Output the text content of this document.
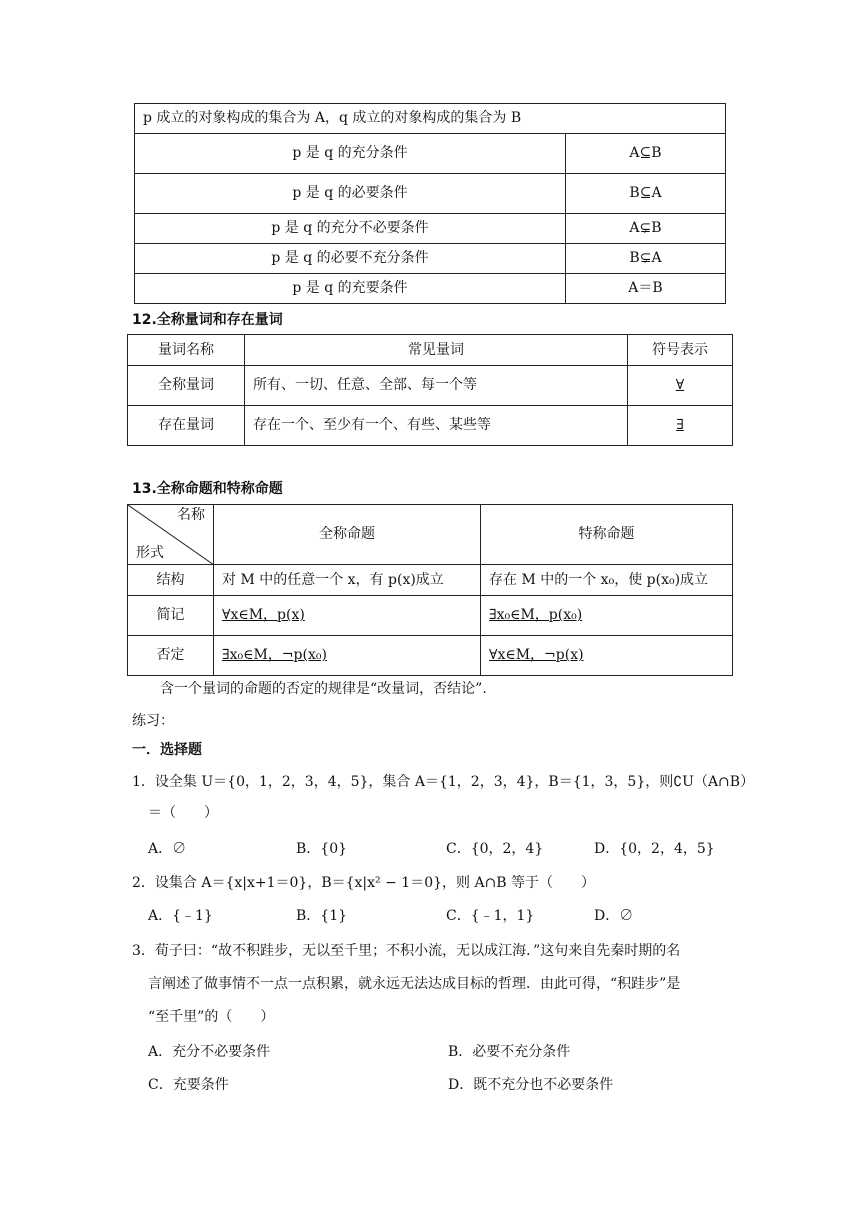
p 成立的对象构成的集合为 A，q 成立的对象构成的集合为 B	
p 是 q 的充分条件	A⊆B
p 是 q 的必要条件	B⊆A
p 是 q 的充分不必要条件	A⊊B
p 是 q 的必要不充分条件	B⊊A
p 是 q 的充要条件	A＝B
12.全称量词和存在量词
量词名称	常见量词	符号表示
全称量词	所有、一切、任意、全部、每一个等	∀
存在量词	存在一个、至少有一个、有些、某些等	∃
13.全称命题和特称命题
名称
形式	全称命题	特称命题
结构	对 M 中的任意一个 x，有 p(x)成立	存在 M 中的一个 x₀，使 p(x₀)成立
简记	∀x∈M，p(x)	∃x₀∈M，p(x₀)
否定	∃x₀∈M，¬p(x₀)	∀x∈M，¬p(x)
含一个量词的命题的否定的规律是“改量词，否结论”.
练习：
一．选择题
1．设全集 U＝{0，1，2，3，4，5}，集合 A＝{1，2，3，4}，B＝{1，3，5}，则∁U（A∩B）
＝（　　）
A．∅	B．{0}	C．{0，2，4}	D．{0，2，4，5}
2．设集合 A＝{x|x+1＝0}，B＝{x|x² − 1＝0}，则 A∩B 等于（　　）
A．{﹣1}	B．{1}	C．{﹣1，1}	D．∅
3．荀子曰：“故不积跬步，无以至千里；不积小流，无以成江海．”这句来自先秦时期的名
言阐述了做事情不一点一点积累，就永远无法达成目标的哲理．由此可得，“积跬步”是
“至千里”的（　　）
A．充分不必要条件	B．必要不充分条件
C．充要条件	D．既不充分也不必要条件
